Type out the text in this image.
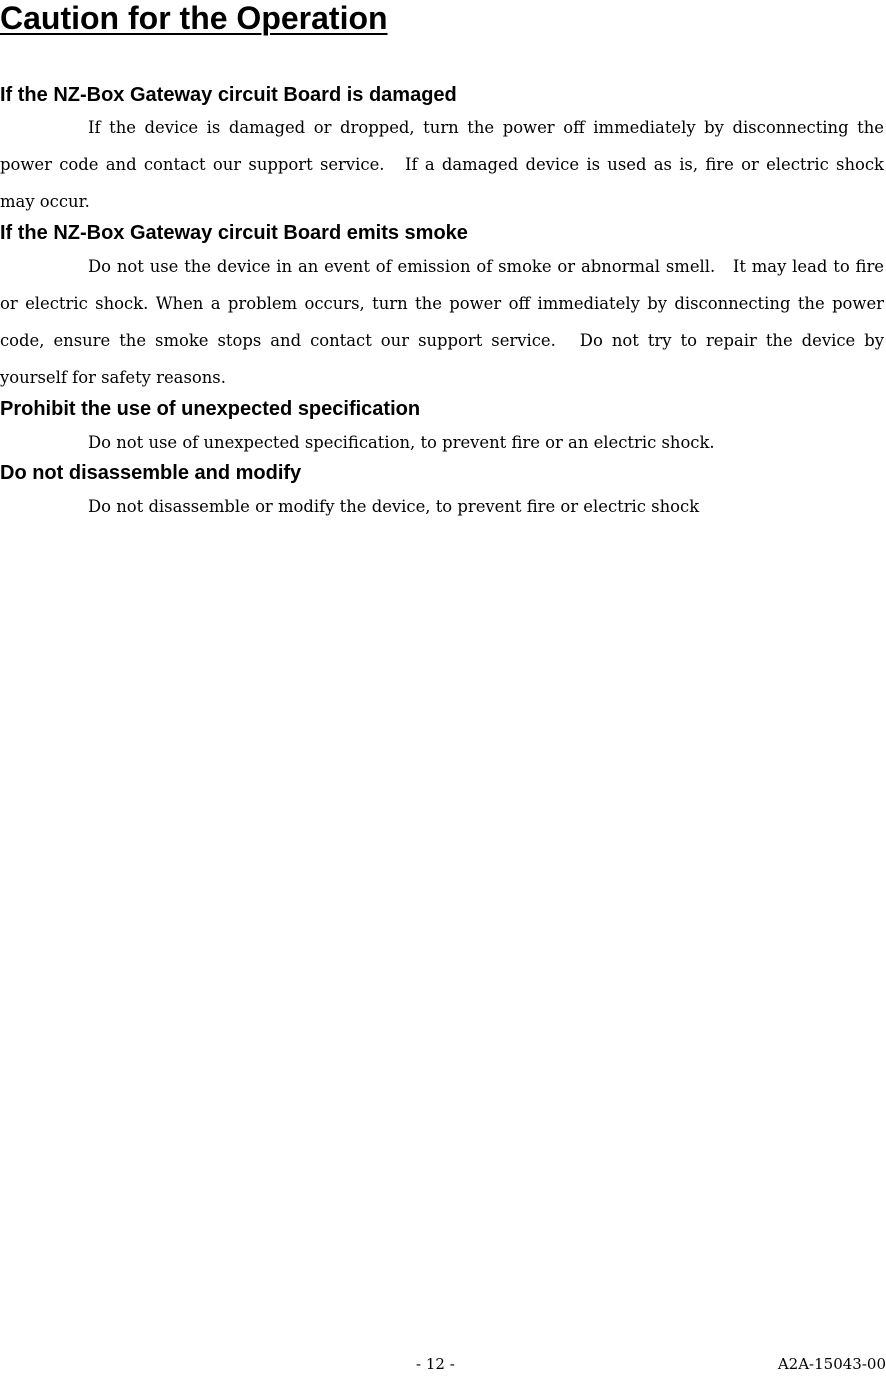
Caution for the Operation
If the NZ-Box Gateway circuit Board is damaged

If the device is damaged or dropped, turn the power off immediately by disconnecting the power code and contact our support service.　If a damaged device is used as is, fire or electric shock may occur.

If the NZ-Box Gateway circuit Board emits smoke

Do not use the device in an event of emission of smoke or abnormal smell.　It may lead to fire or electric shock. When a problem occurs, turn the power off immediately by disconnecting the power code, ensure the smoke stops and contact our support service.　Do not try to repair the device by yourself for safety reasons.

Prohibit the use of unexpected specification

Do not use of unexpected specification, to prevent fire or an electric shock.

Do not disassemble and modify

Do not disassemble or modify the device, to prevent fire or electric shock

- 12 -	A2A-15043-00
